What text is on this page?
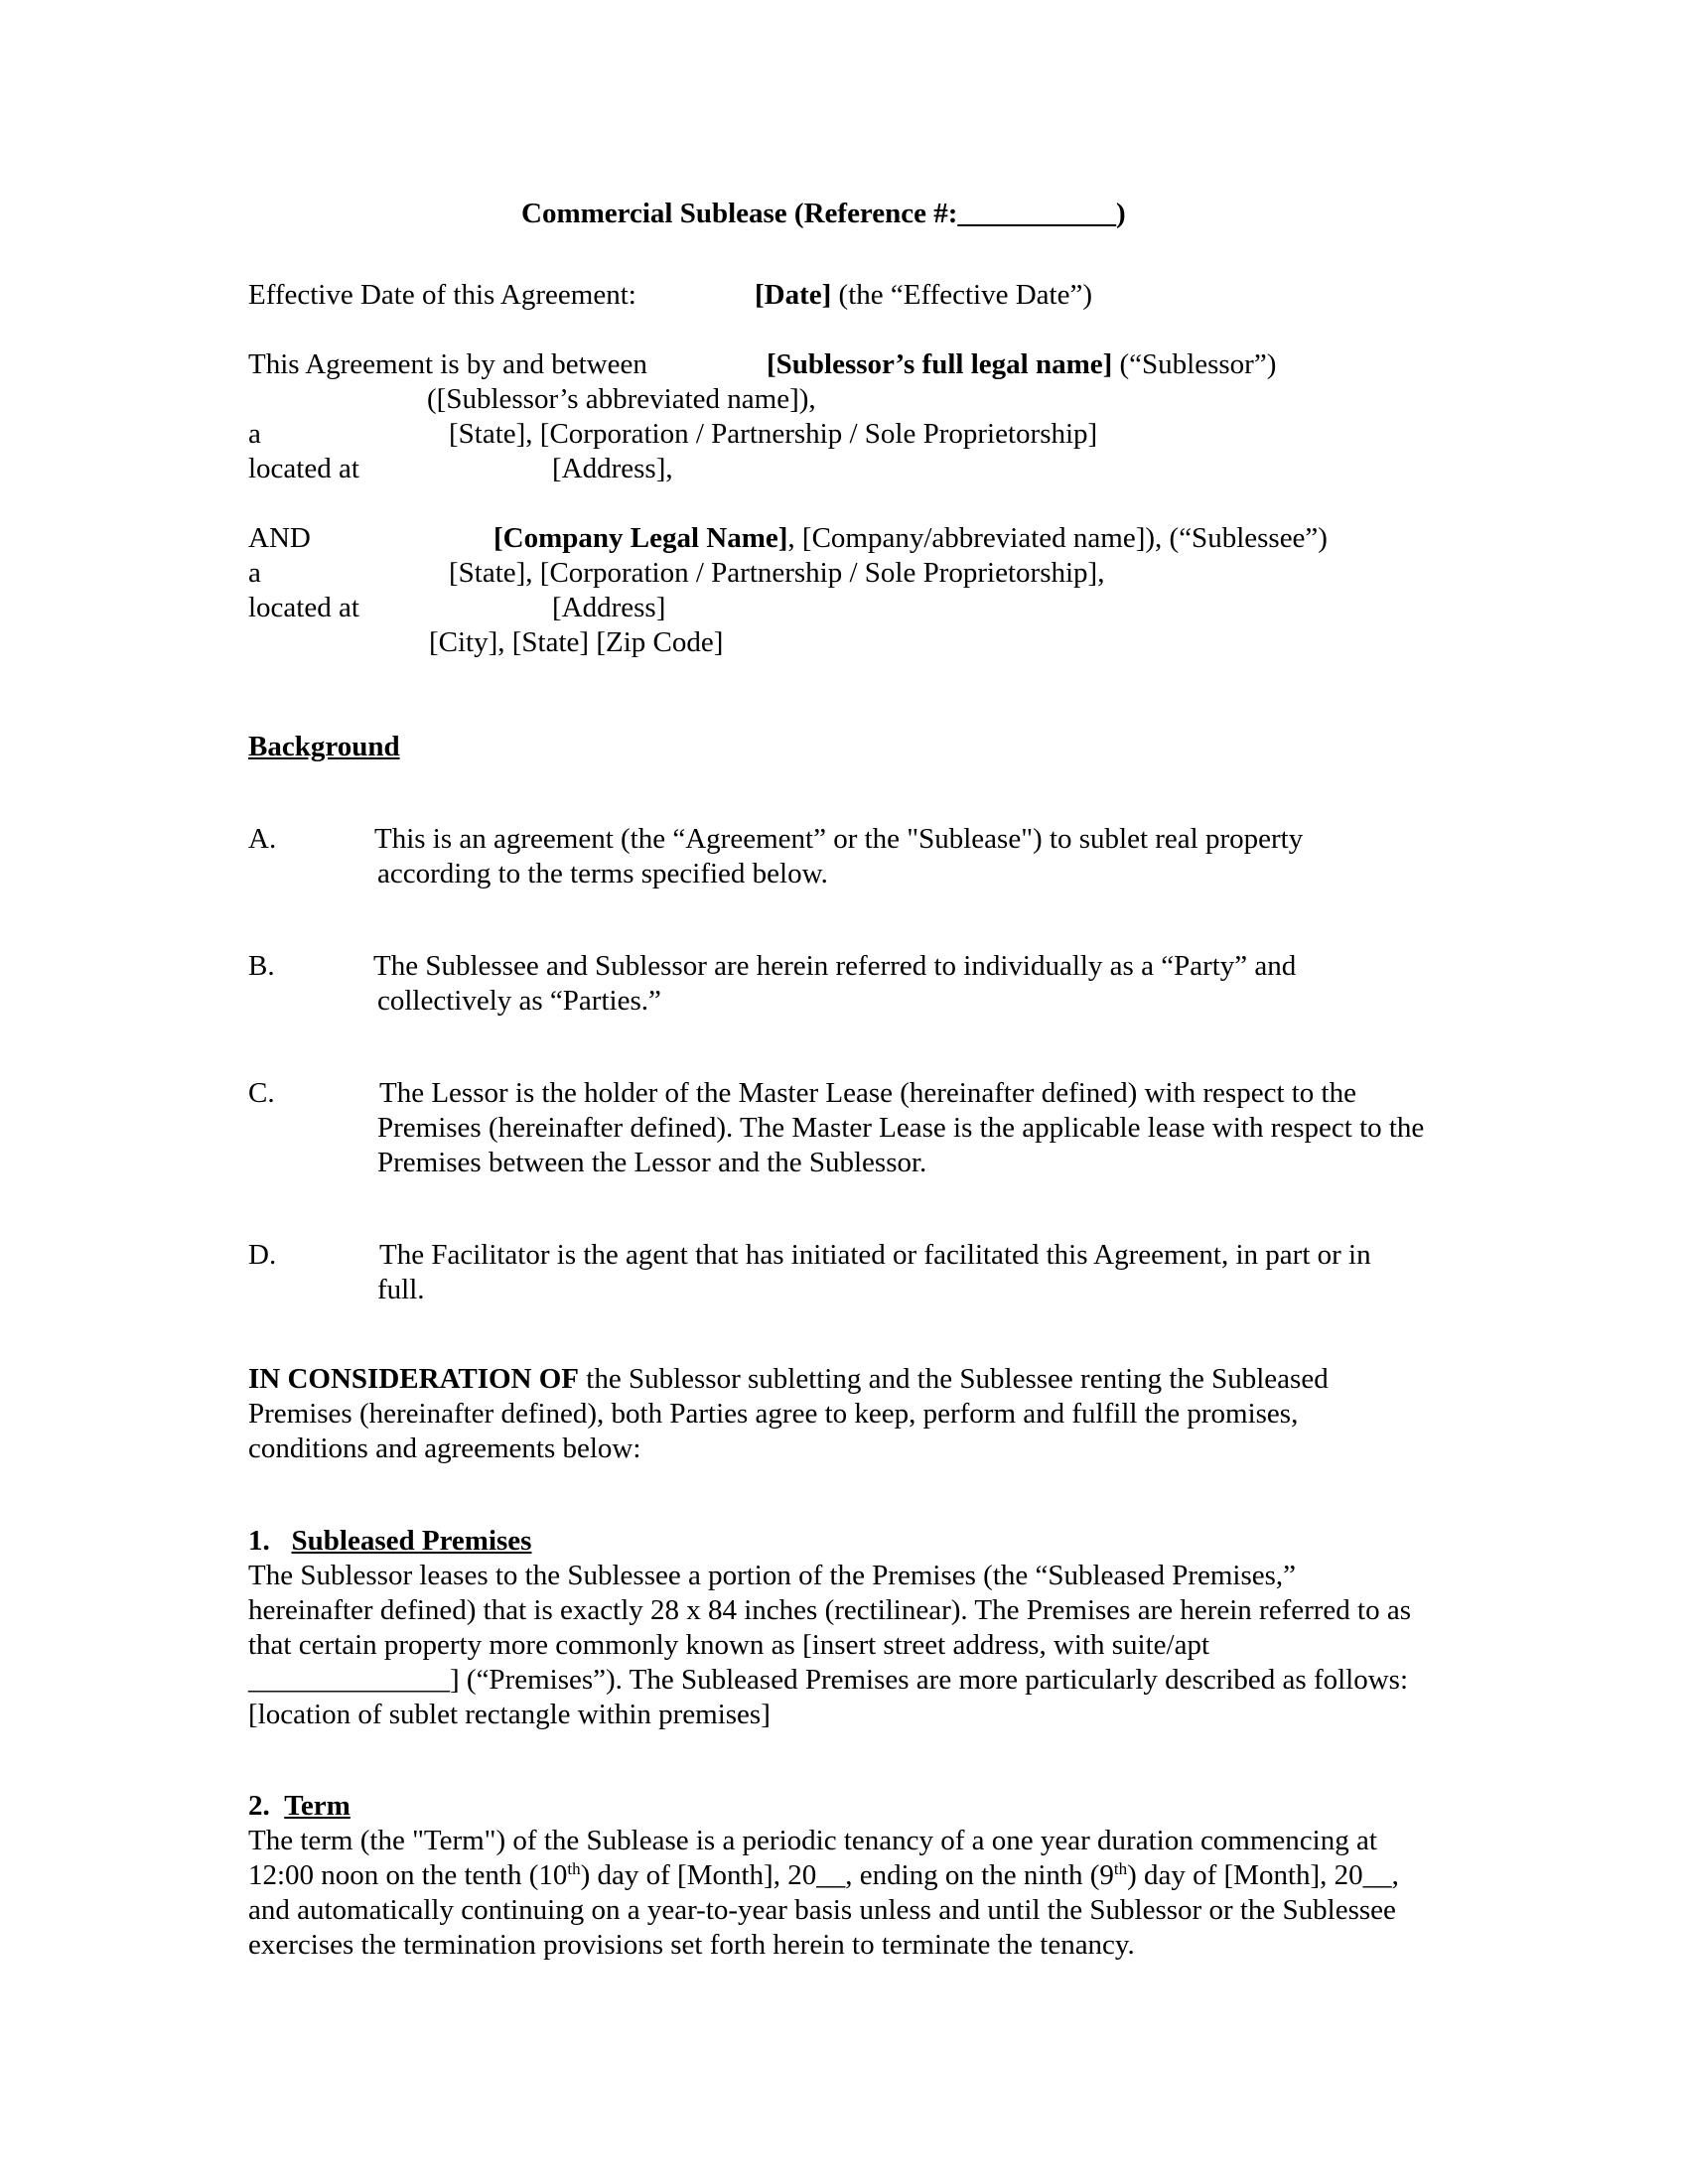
Commercial Sublease (Reference #:___________)
Effective Date of this Agreement:	[Date] (the “Effective Date”)
This Agreement is by and between	[Sublessor’s full legal name] (“Sublessor”)
([Sublessor’s abbreviated name]),
a	[State], [Corporation / Partnership / Sole Proprietorship]
located at	[Address],
AND	[Company Legal Name], [Company/abbreviated name]), (“Sublessee”)
a	[State], [Corporation / Partnership / Sole Proprietorship],
located at	[Address]
[City], [State] [Zip Code]
Background
A.	This is an agreement (the “Agreement” or the "Sublease") to sublet real property
according to the terms specified below.
B.	The Sublessee and Sublessor are herein referred to individually as a “Party” and
collectively as “Parties.”
C.	The Lessor is the holder of the Master Lease (hereinafter defined) with respect to the
Premises (hereinafter defined). The Master Lease is the applicable lease with respect to the Premises between the Lessor and the Sublessor.
D.	The Facilitator is the agent that has initiated or facilitated this Agreement, in part or in
full.
IN CONSIDERATION OF the Sublessor subletting and the Sublessee renting the Subleased Premises (hereinafter defined), both Parties agree to keep, perform and fulfill the promises, conditions and agreements below:
1. Subleased Premises
The Sublessor leases to the Sublessee a portion of the Premises (the “Subleased Premises,” hereinafter defined) that is exactly 28 x 84 inches (rectilinear). The Premises are herein referred to as that certain property more commonly known as [insert street address, with suite/apt ______________] (“Premises”). The Subleased Premises are more particularly described as follows: [location of sublet rectangle within premises]
2. Term
The term (the "Term") of the Sublease is a periodic tenancy of a one year duration commencing at 12:00 noon on the tenth (10th) day of [Month], 20__, ending on the ninth (9th) day of [Month], 20__, and automatically continuing on a year-to-year basis unless and until the Sublessor or the Sublessee exercises the termination provisions set forth herein to terminate the tenancy.
